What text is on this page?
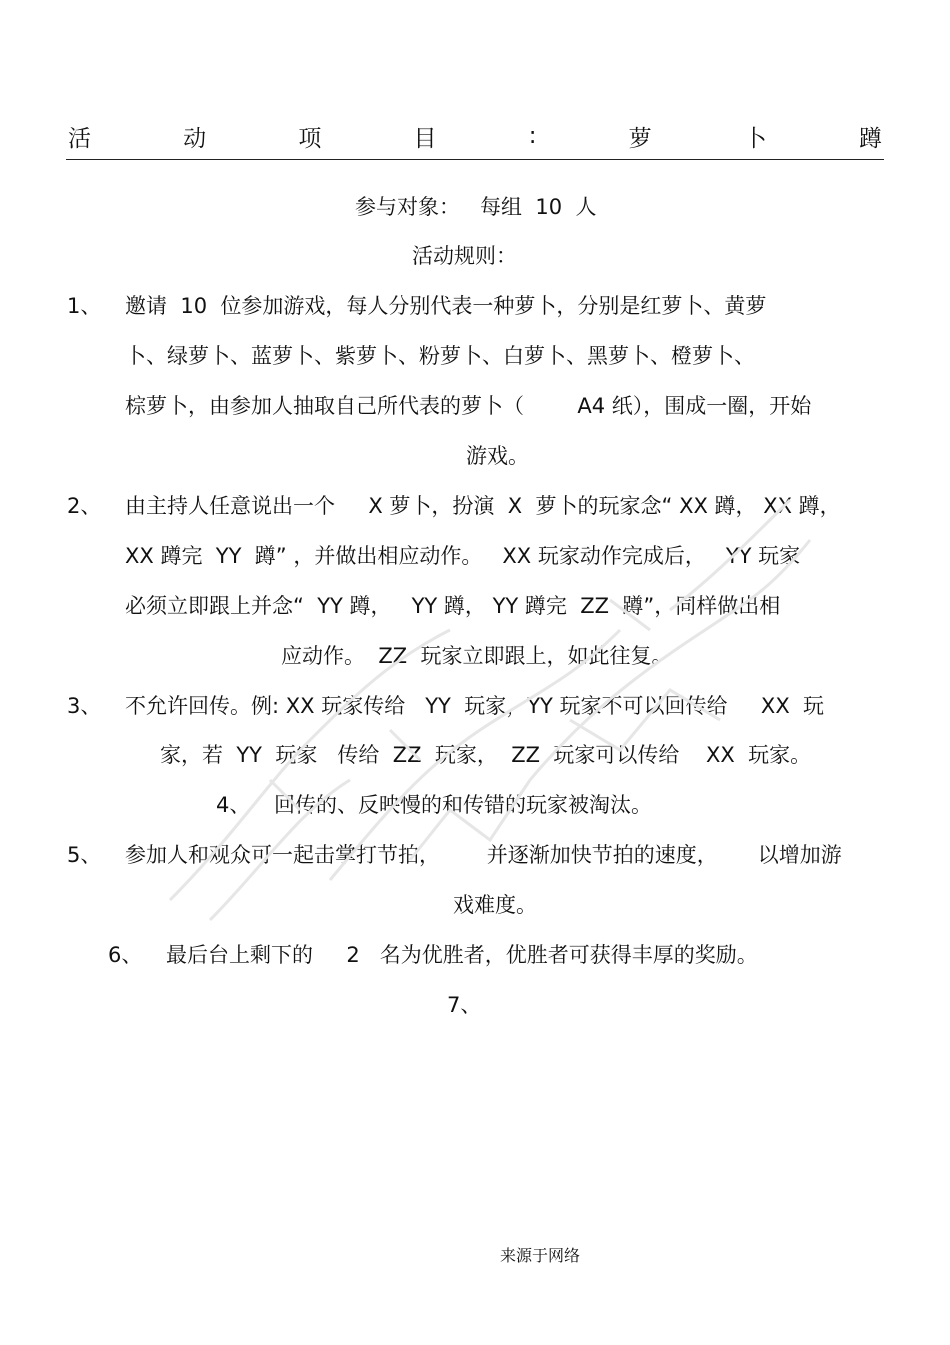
活	动	项	目	:	萝	卜	蹲
参与对象：   每组  10  人
活动规则：
1、 邀请  10  位参加游戏，每人分别代表一种萝卜，分别是红萝卜、黄萝
卜、绿萝卜、蓝萝卜、紫萝卜、粉萝卜、白萝卜、黑萝卜、橙萝卜、
棕萝卜，由参加人抽取自己所代表的萝卜（        A4 纸），围成一圈，开始
游戏。
2、 由主持人任意说出一个     X 萝卜，扮演  X  萝卜的玩家念“ XX 蹲， XX 蹲，
XX 蹲完  YY  蹲” ，并做出相应动作。   XX 玩家动作完成后，   YY 玩家
必须立即跟上并念“  YY 蹲，   YY 蹲， YY 蹲完  ZZ  蹲”，同样做出相
应动作。  ZZ  玩家立即跟上，如此往复。
3、 不允许回传。例: XX 玩家传给   YY  玩家，YY 玩家不可以回传给     XX  玩
家，若  YY  玩家   传给  ZZ  玩家，  ZZ  玩家可以传给    XX  玩家。
4、 回传的、反映慢的和传错的玩家被淘汰。
5、 参加人和观众可一起击掌打节拍，       并逐渐加快节拍的速度，      以增加游
戏难度。
6、 最后台上剩下的     2   名为优胜者，优胜者可获得丰厚的奖励。
7、
来源于网络
